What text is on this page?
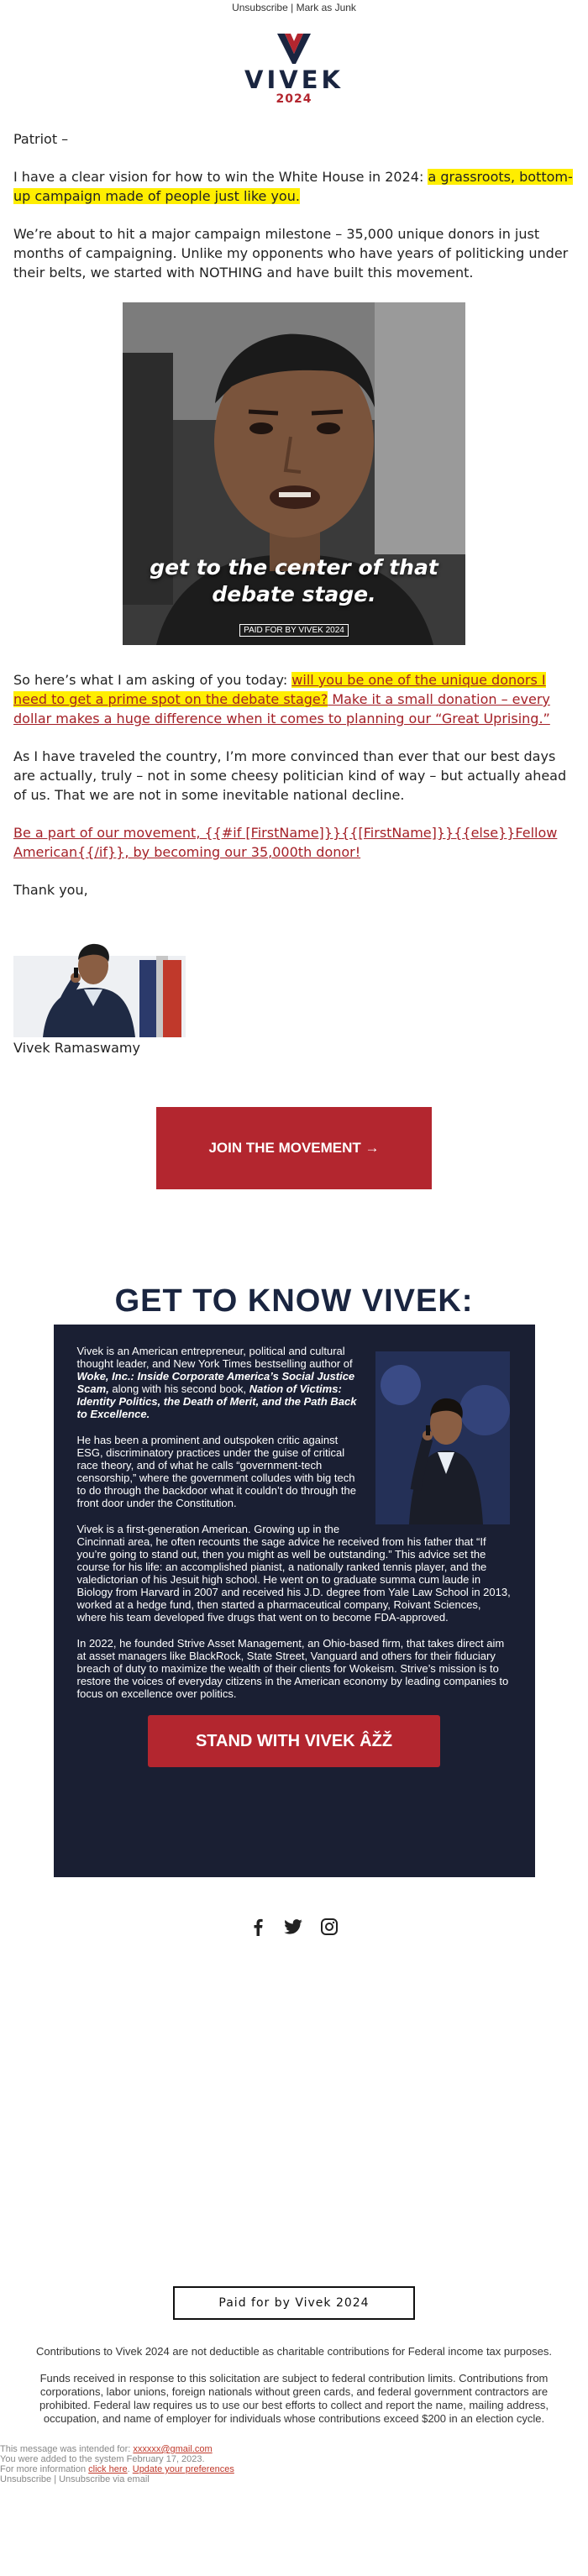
Unsubscribe | Mark as Junk
VIVEK
2024

Patriot –

I have a clear vision for how to win the White House in 2024: a grassroots, bottom-up campaign made of people just like you.

We’re about to hit a major campaign milestone – 35,000 unique donors in just months of campaigning. Unlike my opponents who have years of politicking under their belts, we started with NOTHING and have built this movement.

get to the center of that
debate stage.
PAID FOR BY VIVEK 2024

So here’s what I am asking of you today: will you be one of the unique donors I need to get a prime spot on the debate stage? Make it a small donation – every dollar makes a huge difference when it comes to planning our “Great Uprising.”

As I have traveled the country, I’m more convinced than ever that our best days are actually, truly – not in some cheesy politician kind of way – but actually ahead of us. That we are not in some inevitable national decline.

Be a part of our movement, {{#if [FirstName]}}{{[FirstName]}}{{else}}Fellow American{{/if}}, by becoming our 35,000th donor!

Thank you,

Vivek Ramaswamy

JOIN THE MOVEMENT →
GET TO KNOW VIVEK:

Vivek is an American entrepreneur, political and cultural thought leader, and New York Times bestselling author of Woke, Inc.: Inside Corporate America’s Social Justice Scam, along with his second book, Nation of Victims: Identity Politics, the Death of Merit, and the Path Back to Excellence.

He has been a prominent and outspoken critic against ESG, discriminatory practices under the guise of critical race theory, and of what he calls “government-tech censorship,” where the government colludes with big tech to do through the backdoor what it couldn’t do through the front door under the Constitution.

Vivek is a first-generation American. Growing up in the Cincinnati area, he often recounts the sage advice he received from his father that “If you’re going to stand out, then you might as well be outstanding.” This advice set the course for his life: an accomplished pianist, a nationally ranked tennis player, and the valedictorian of his Jesuit high school. He went on to graduate summa cum laude in Biology from Harvard in 2007 and received his J.D. degree from Yale Law School in 2013, worked at a hedge fund, then started a pharmaceutical company, Roivant Sciences, where his team developed five drugs that went on to become FDA-approved.

In 2022, he founded Strive Asset Management, an Ohio-based firm, that takes direct aim at asset managers like BlackRock, State Street, Vanguard and others for their fiduciary breach of duty to maximize the wealth of their clients for Wokeism. Strive’s mission is to restore the voices of everyday citizens in the American economy by leading companies to focus on excellence over politics.

STAND WITH VIVEK ÂŽŽ

Paid for by Vivek 2024
Contributions to Vivek 2024 are not deductible as charitable contributions for Federal income tax purposes.
Funds received in response to this solicitation are subject to federal contribution limits. Contributions from corporations, labor unions, foreign nationals without green cards, and federal government contractors are prohibited. Federal law requires us to use our best efforts to collect and report the name, mailing address, occupation, and name of employer for individuals whose contributions exceed $200 in an election cycle.
This message was intended for: xxxxxx@gmail.com
You were added to the system February 17, 2023.
For more information click here. Update your preferences
Unsubscribe | Unsubscribe via email
